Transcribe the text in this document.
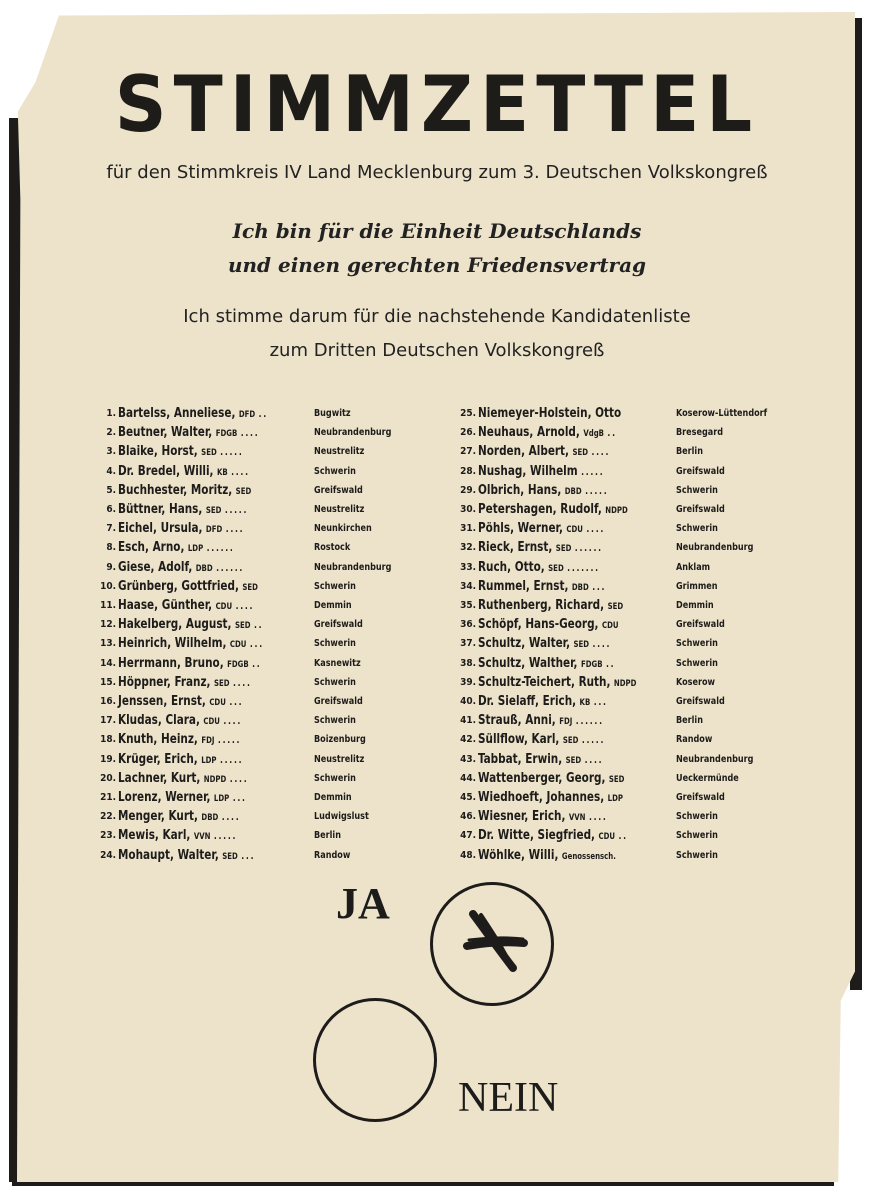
STIMMZETTEL
für den Stimmkreis IV Land Mecklenburg zum 3. Deutschen Volkskongreß
Ich bin für die Einheit Deutschlands
und einen gerechten Friedensvertrag
Ich stimme darum für die nachstehende Kandidatenliste
zum Dritten Deutschen Volkskongreß
1. Bartelss, Anneliese, DFD ..	Bugwitz
2. Beutner, Walter, FDGB ....	Neubrandenburg
3. Blaike, Horst, SED .....	Neustrelitz
4. Dr. Bredel, Willi, KB ....	Schwerin
5. Buchhester, Moritz, SED	Greifswald
6. Büttner, Hans, SED .....	Neustrelitz
7. Eichel, Ursula, DFD ....	Neunkirchen
8. Esch, Arno, LDP ......	Rostock
9. Giese, Adolf, DBD ......	Neubrandenburg
10. Grünberg, Gottfried, SED	Schwerin
11. Haase, Günther, CDU ....	Demmin
12. Hakelberg, August, SED ..	Greifswald
13. Heinrich, Wilhelm, CDU ...	Schwerin
14. Herrmann, Bruno, FDGB ..	Kasnewitz
15. Höppner, Franz, SED ....	Schwerin
16. Jenssen, Ernst, CDU ...	Greifswald
17. Kludas, Clara, CDU ....	Schwerin
18. Knuth, Heinz, FDJ .....	Boizenburg
19. Krüger, Erich, LDP .....	Neustrelitz
20. Lachner, Kurt, NDPD ....	Schwerin
21. Lorenz, Werner, LDP ...	Demmin
22. Menger, Kurt, DBD ....	Ludwigslust
23. Mewis, Karl, VVN .....	Berlin
24. Mohaupt, Walter, SED ...	Randow
25. Niemeyer-Holstein, Otto	Koserow-Lüttendorf
26. Neuhaus, Arnold, VdgB ..	Bresegard
27. Norden, Albert, SED ....	Berlin
28. Nushag, Wilhelm .....	Greifswald
29. Olbrich, Hans, DBD .....	Schwerin
30. Petershagen, Rudolf, NDPD	Greifswald
31. Pöhls, Werner, CDU ....	Schwerin
32. Rieck, Ernst, SED ......	Neubrandenburg
33. Ruch, Otto, SED .......	Anklam
34. Rummel, Ernst, DBD ...	Grimmen
35. Ruthenberg, Richard, SED	Demmin
36. Schöpf, Hans-Georg, CDU	Greifswald
37. Schultz, Walter, SED ....	Schwerin
38. Schultz, Walther, FDGB ..	Schwerin
39. Schultz-Teichert, Ruth, NDPD	Koserow
40. Dr. Sielaff, Erich, KB ...	Greifswald
41. Strauß, Anni, FDJ ......	Berlin
42. Süllflow, Karl, SED .....	Randow
43. Tabbat, Erwin, SED ....	Neubrandenburg
44. Wattenberger, Georg, SED	Ueckermünde
45. Wiedhoeft, Johannes, LDP	Greifswald
46. Wiesner, Erich, VVN ....	Schwerin
47. Dr. Witte, Siegfried, CDU ..	Schwerin
48. Wöhlke, Willi, Genossensch.	Schwerin
JA
NEIN
